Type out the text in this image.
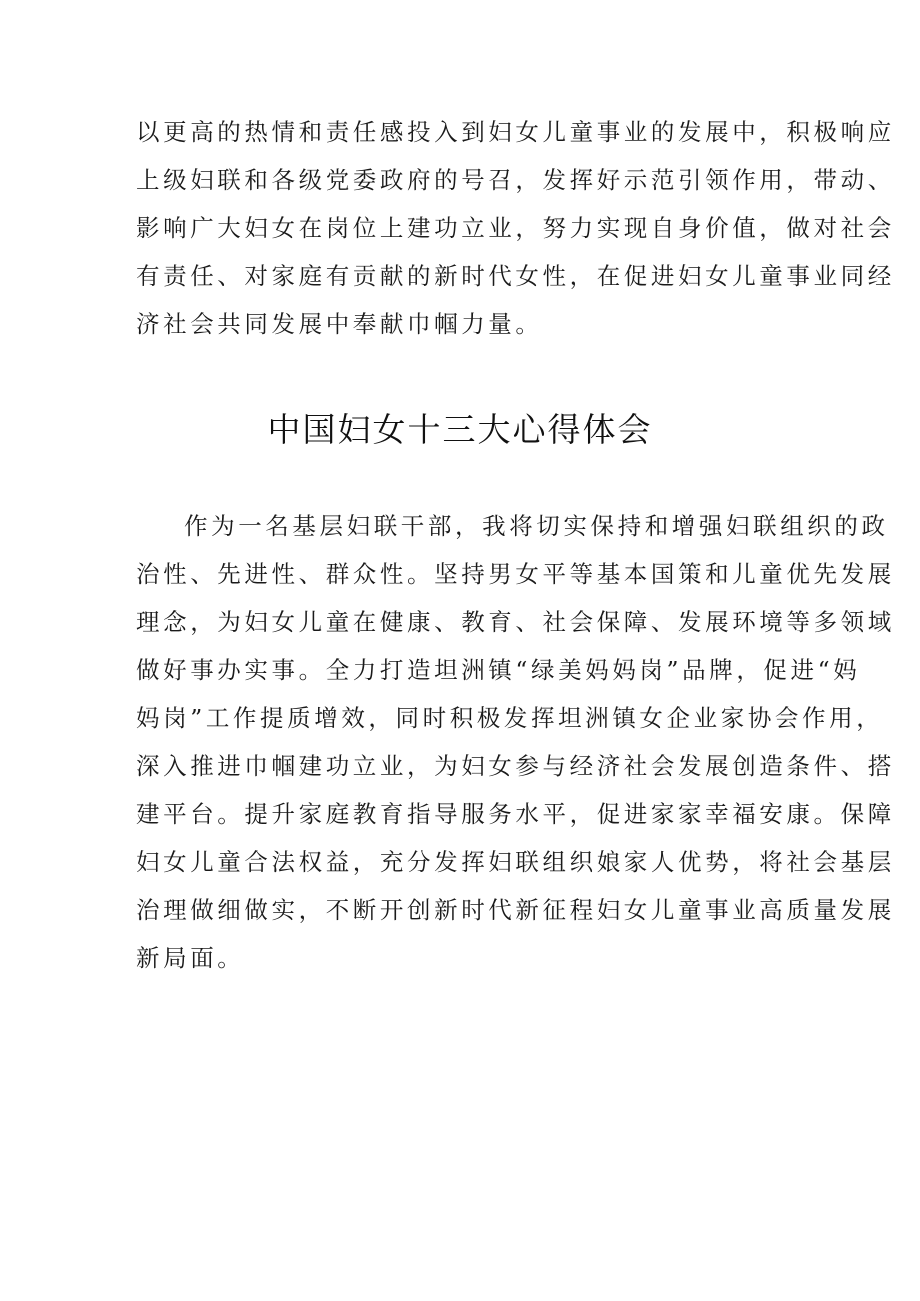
以更高的热情和责任感投入到妇女儿童事业的发展中，积极响应
上级妇联和各级党委政府的号召，发挥好示范引领作用，带动、
影响广大妇女在岗位上建功立业，努力实现自身价值，做对社会
有责任、对家庭有贡献的新时代女性，在促进妇女儿童事业同经
济社会共同发展中奉献巾帼力量。
中国妇女十三大心得体会
作为一名基层妇联干部，我将切实保持和增强妇联组织的政
治性、先进性、群众性。坚持男女平等基本国策和儿童优先发展
理念，为妇女儿童在健康、教育、社会保障、发展环境等多领域
做好事办实事。全力打造坦洲镇“绿美妈妈岗”品牌，促进“妈
妈岗”工作提质增效，同时积极发挥坦洲镇女企业家协会作用，
深入推进巾帼建功立业，为妇女参与经济社会发展创造条件、搭
建平台。提升家庭教育指导服务水平，促进家家幸福安康。保障
妇女儿童合法权益，充分发挥妇联组织娘家人优势，将社会基层
治理做细做实，不断开创新时代新征程妇女儿童事业高质量发展
新局面。
